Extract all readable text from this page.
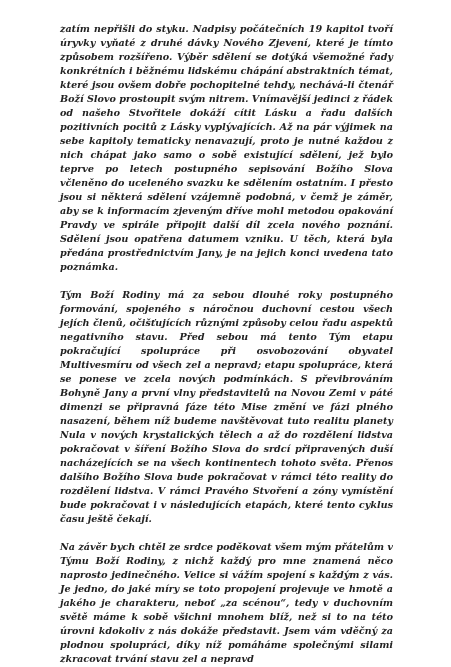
zatím nepřišli do styku. Nadpisy počátečních 19 kapitol tvoří úryvky vyňaté z druhé dávky Nového Zjevení, které je tímto způsobem rozšířeno. Výběr sdělení se dotýká všemožné řady konkrétních i běžnému lidskému chápání abstraktních témat, které jsou ovšem dobře pochopitelné tehdy, nechává-li čtenář Boží Slovo prostoupit svým nitrem. Vnímavější jedinci z řádek od našeho Stvořitele dokáží cítit Lásku a řadu dalších pozitivních pocitů z Lásky vyplývajících. Až na pár výjimek na sebe kapitoly tematicky nenavazují, proto je nutné každou z nich chápat jako samo o sobě existující sdělení, jež bylo teprve po letech postupného sepisování Božího Slova včleněno do uceleného svazku ke sdělením ostatním. I přesto jsou si některá sdělení vzájemně podobná, v čemž je záměr, aby se k informacím zjeveným dříve mohl metodou opakování Pravdy ve spirále připojit další díl zcela nového poznání. Sdělení jsou opatřena datumem vzniku. U těch, která byla předána prostřednictvím Jany, je na jejich konci uvedena tato poznámka.

Tým Boží Rodiny má za sebou dlouhé roky postupného formování, spojeného s náročnou duchovní cestou všech jejích členů, očišťujících různými způsoby celou řadu aspektů negativního stavu. Před sebou má tento Tým etapu pokračující spolupráce při osvobozování obyvatel Multivesmíru od všech zel a nepravd; etapu spolupráce, která se ponese ve zcela nových podmínkách. S převibrováním Bohyně Jany a první vlny představitelů na Novou Zemi v páté dimenzi se připravná fáze této Mise změní ve fázi plného nasazení, během níž budeme navštěvovat tuto realitu planety Nula v nových krystalických tělech a až do rozdělení lidstva pokračovat v šíření Božího Slova do srdcí připravených duší nacházejících se na všech kontinentech tohoto světa. Přenos dalšího Božího Slova bude pokračovat v rámci této reality do rozdělení lidstva. V rámci Pravého Stvoření a zóny vymístění bude pokračovat i v následujících etapách, které tento cyklus času ještě čekají.

Na závěr bych chtěl ze srdce poděkovat všem mým přátelům v Týmu Boží Rodiny, z nichž každý pro mne znamená něco naprosto jedinečného. Velice si vážím spojení s každým z vás. Je jedno, do jaké míry se toto propojení projevuje ve hmotě a jakého je charakteru, neboť „za scénou“, tedy v duchovním světě máme k sobě všichni mnohem blíž, než si to na této úrovni kdokoliv z nás dokáže představit. Jsem vám vděčný za plodnou spolupráci, díky níž pomáháme společnými silami zkracovat trvání stavu zel a nepravd
